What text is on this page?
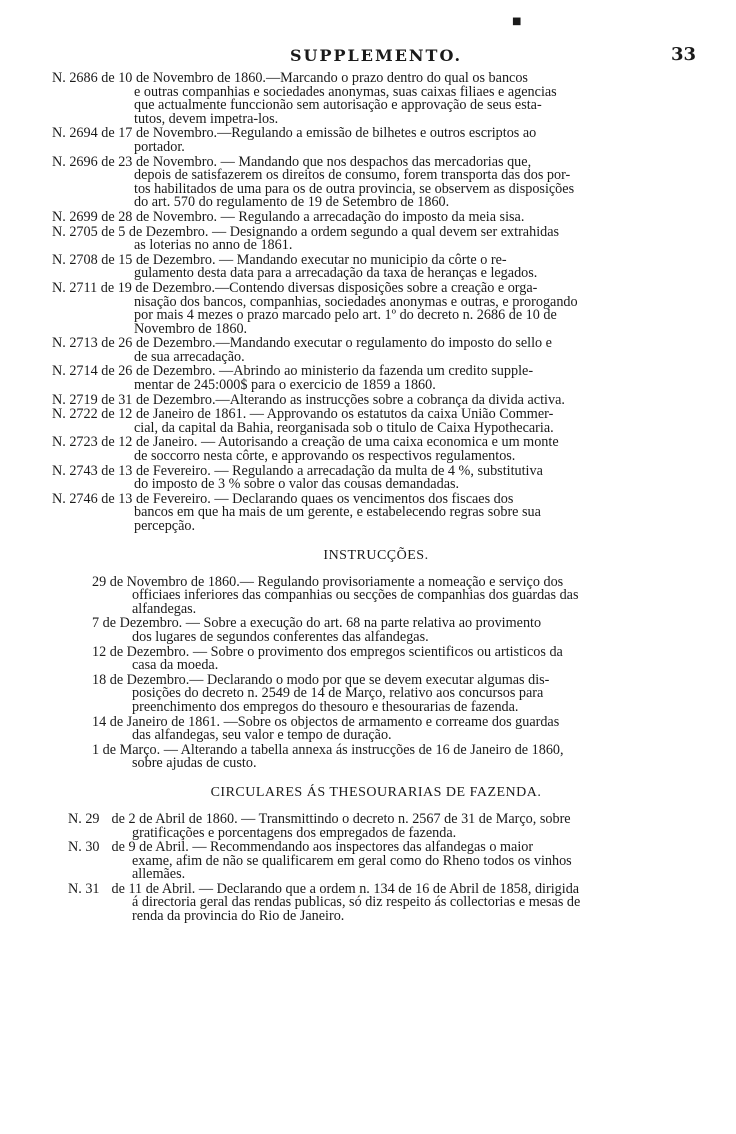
■
SUPPLEMENTO.	33
N. 2686 de 10 de Novembro de 1860.—Marcando o prazo dentro do qual os bancos
e outras companhias e sociedades anonymas, suas caixas filiaes e agencias
que actualmente funccionão sem autorisação e approvação de seus esta-
tutos, devem impetra-los.
N. 2694 de 17 de Novembro.—Regulando a emissão de bilhetes e outros escriptos ao
portador.
N. 2696 de 23 de Novembro. — Mandando que nos despachos das mercadorias que,
depois de satisfazerem os direitos de consumo, forem transporta das dos por-
tos habilitados de uma para os de outra provincia, se observem as disposições
do art. 570 do regulamento de 19 de Setembro de 1860.
N. 2699 de 28 de Novembro. — Regulando a arrecadação do imposto da meia sisa.
N. 2705 de 5 de Dezembro. — Designando a ordem segundo a qual devem ser extrahidas
as loterias no anno de 1861.
N. 2708 de 15 de Dezembro. — Mandando executar no municipio da côrte o re-
gulamento desta data para a arrecadação da taxa de heranças e legados.
N. 2711 de 19 de Dezembro.—Contendo diversas disposições sobre a creação e orga-
nisação dos bancos, companhias, sociedades anonymas e outras, e prorogando
por mais 4 mezes o prazo marcado pelo art. 1º do decreto n. 2686 de 10 de
Novembro de 1860.
N. 2713 de 26 de Dezembro.—Mandando executar o regulamento do imposto do sello e
de sua arrecadação.
N. 2714 de 26 de Dezembro. —Abrindo ao ministerio da fazenda um credito supple-
mentar de 245:000$ para o exercicio de 1859 a 1860.
N. 2719 de 31 de Dezembro.—Alterando as instrucções sobre a cobrança da divida activa.
N. 2722 de 12 de Janeiro de 1861. — Approvando os estatutos da caixa União Commer-
cial, da capital da Bahia, reorganisada sob o titulo de Caixa Hypothecaria.
N. 2723 de 12 de Janeiro. — Autorisando a creação de uma caixa economica e um monte
de soccorro nesta côrte, e approvando os respectivos regulamentos.
N. 2743 de 13 de Fevereiro. — Regulando a arrecadação da multa de 4 %, substitutiva
do imposto de 3 % sobre o valor das cousas demandadas.
N. 2746 de 13 de Fevereiro. — Declarando quaes os vencimentos dos fiscaes dos
bancos em que ha mais de um gerente, e estabelecendo regras sobre sua
percepção.
INSTRUCÇÕES.
29 de Novembro de 1860.— Regulando provisoriamente a nomeação e serviço dos
officiaes inferiores das companhias ou secções de companhias dos guardas das
alfandegas.
7 de Dezembro. — Sobre a execução do art. 68 na parte relativa ao provimento
dos lugares de segundos conferentes das alfandegas.
12 de Dezembro. — Sobre o provimento dos empregos scientificos ou artisticos da
casa da moeda.
18 de Dezembro.— Declarando o modo por que se devem executar algumas dis-
posições do decreto n. 2549 de 14 de Março, relativo aos concursos para
preenchimento dos empregos do thesouro e thesourarias de fazenda.
14 de Janeiro de 1861. —Sobre os objectos de armamento e correame dos guardas
das alfandegas, seu valor e tempo de duração.
1 de Março. — Alterando a tabella annexa ás instrucções de 16 de Janeiro de 1860,
sobre ajudas de custo.
CIRCULARES ÁS THESOURARIAS DE FAZENDA.
N. 29 de 2 de Abril de 1860. — Transmittindo o decreto n. 2567 de 31 de Março, sobre
gratificações e porcentagens dos empregados de fazenda.
N. 30 de 9 de Abril. — Recommendando aos inspectores das alfandegas o maior
exame, afim de não se qualificarem em geral como do Rheno todos os vinhos
allemães.
N. 31 de 11 de Abril. — Declarando que a ordem n. 134 de 16 de Abril de 1858, dirigida
á directoria geral das rendas publicas, só diz respeito ás collectorias e mesas de
renda da provincia do Rio de Janeiro.
